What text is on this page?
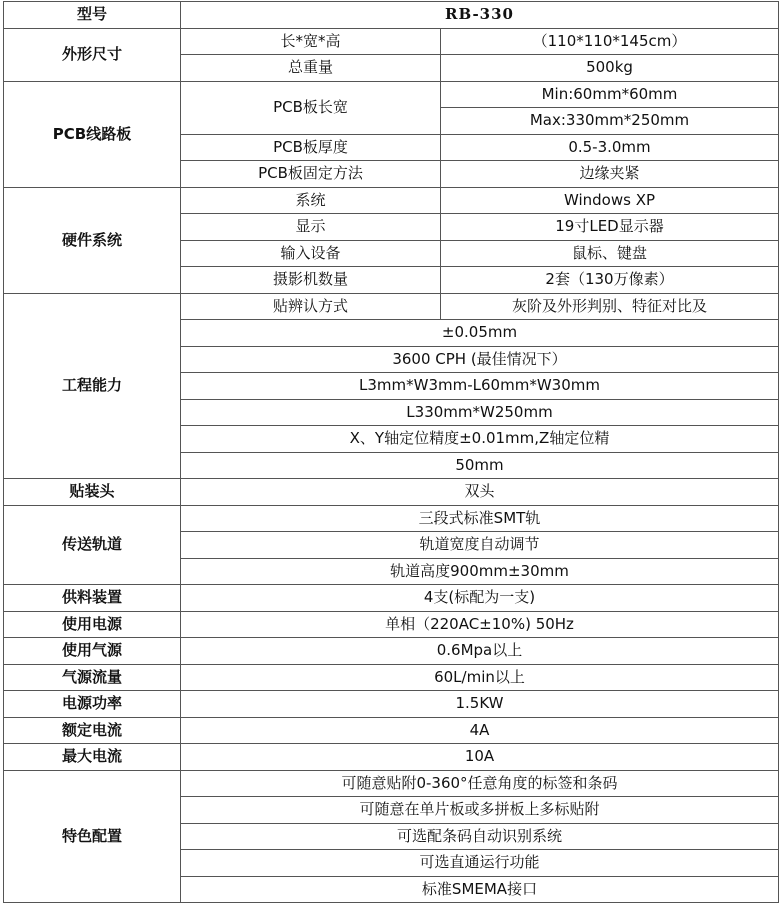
型号	RB-330	
外形尺寸	长*宽*高	（110*110*145cm）
	总重量	500kg
PCB线路板	PCB板长宽	Min:60mm*60mm
		Max:330mm*250mm
	PCB板厚度	0.5-3.0mm
	PCB板固定方法	边缘夹紧
硬件系统	系统	Windows XP
	显示	19寸LED显示器
	输入设备	鼠标、键盘
	摄影机数量	2套（130万像素）
工程能力	贴辨认方式	灰阶及外形判别、特征对比及
	±0.05mm	
	3600 CPH (最佳情况下）	
	L3mm*W3mm-L60mm*W30mm	
	L330mm*W250mm	
	X、Y轴定位精度±0.01mm,Z轴定位精	
	50mm	
贴装头	双头	
传送轨道	三段式标准SMT轨	
	轨道宽度自动调节	
	轨道高度900mm±30mm	
供料装置	4支(标配为一支)	
使用电源	单相（220AC±10%) 50Hz	
使用气源	0.6Mpa以上	
气源流量	60L/min以上	
电源功率	1.5KW	
额定电流	4A	
最大电流	10A	
特色配置	可随意贴附0-360°任意角度的标签和条码	
	可随意在单片板或多拼板上多标贴附	
	可选配条码自动识别系统	
	可选直通运行功能	
	标准SMEMA接口	
